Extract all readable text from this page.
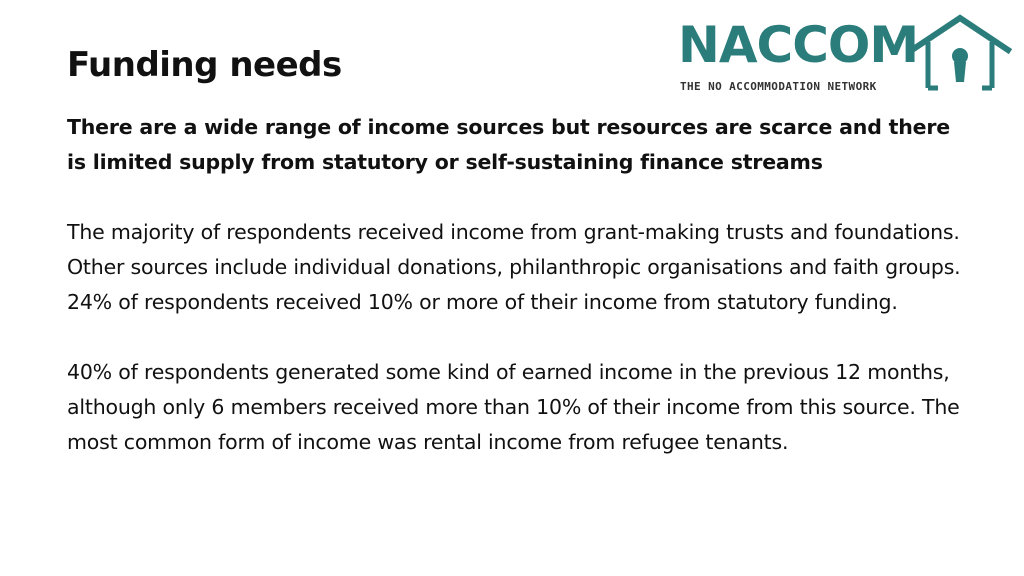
Funding needs	NACCOM
THE NO ACCOMMODATION NETWORK

There are a wide range of income sources but resources are scarce and there is limited supply from statutory or self-sustaining finance streams

The majority of respondents received income from grant-making trusts and foundations. Other sources include individual donations, philanthropic organisations and faith groups. 24% of respondents received 10% or more of their income from statutory funding.

40% of respondents generated some kind of earned income in the previous 12 months, although only 6 members received more than 10% of their income from this source. The most common form of income was rental income from refugee tenants.
